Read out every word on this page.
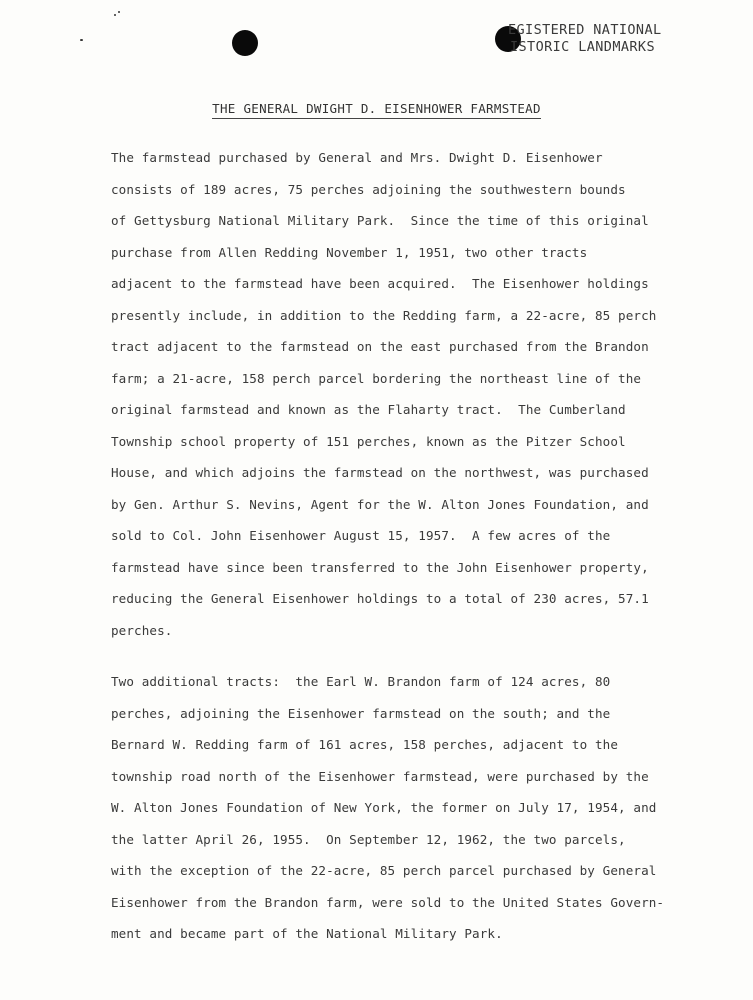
EGISTERED NATIONAL
ISTORIC LANDMARKS
THE GENERAL DWIGHT D. EISENHOWER FARMSTEAD
The farmstead purchased by General and Mrs. Dwight D. Eisenhower
consists of 189 acres, 75 perches adjoining the southwestern bounds
of Gettysburg National Military Park.  Since the time of this original
purchase from Allen Redding November 1, 1951, two other tracts
adjacent to the farmstead have been acquired.  The Eisenhower holdings
presently include, in addition to the Redding farm, a 22-acre, 85 perch
tract adjacent to the farmstead on the east purchased from the Brandon
farm; a 21-acre, 158 perch parcel bordering the northeast line of the
original farmstead and known as the Flaharty tract.  The Cumberland
Township school property of 151 perches, known as the Pitzer School
House, and which adjoins the farmstead on the northwest, was purchased
by Gen. Arthur S. Nevins, Agent for the W. Alton Jones Foundation, and
sold to Col. John Eisenhower August 15, 1957.  A few acres of the
farmstead have since been transferred to the John Eisenhower property,
reducing the General Eisenhower holdings to a total of 230 acres, 57.1
perches.
Two additional tracts:  the Earl W. Brandon farm of 124 acres, 80
perches, adjoining the Eisenhower farmstead on the south; and the
Bernard W. Redding farm of 161 acres, 158 perches, adjacent to the
township road north of the Eisenhower farmstead, were purchased by the
W. Alton Jones Foundation of New York, the former on July 17, 1954, and
the latter April 26, 1955.  On September 12, 1962, the two parcels,
with the exception of the 22-acre, 85 perch parcel purchased by General
Eisenhower from the Brandon farm, were sold to the United States Govern-
ment and became part of the National Military Park.
